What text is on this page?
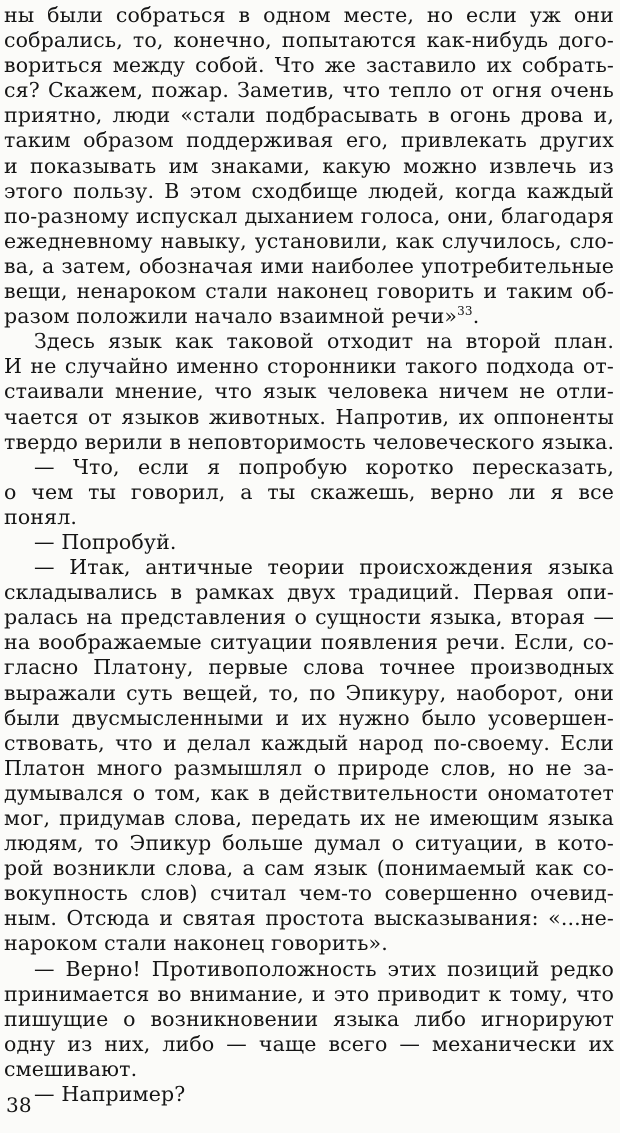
ны были собраться в одном месте, но если уж они
собрались, то, конечно, попытаются как-нибудь дого-
вориться между собой. Что же заставило их собрать-
ся? Скажем, пожар. Заметив, что тепло от огня очень
приятно, люди «стали подбрасывать в огонь дрова и,
таким образом поддерживая его, привлекать других
и показывать им знаками, какую можно извлечь из
этого пользу. В этом сходбище людей, когда каждый
по-разному испускал дыханием голоса, они, благодаря
ежедневному навыку, установили, как случилось, сло-
ва, а затем, обозначая ими наиболее употребительные
вещи, ненароком стали наконец говорить и таким об-
разом положили начало взаимной речи»$^{33}$.
Здесь язык как таковой отходит на второй план.
И не случайно именно сторонники такого подхода от-
стаивали мнение, что язык человека ничем не отли-
чается от языков животных. Напротив, их оппоненты
твердо верили в неповторимость человеческого языка.
— Что, если я попробую коротко пересказать,
о чем ты говорил, а ты скажешь, верно ли я все
понял.
— Попробуй.
— Итак, античные теории происхождения языка
складывались в рамках двух традиций. Первая опи-
ралась на представления о сущности языка, вторая —
на воображаемые ситуации появления речи. Если, со-
гласно Платону, первые слова точнее производных
выражали суть вещей, то, по Эпикуру, наоборот, они
были двусмысленными и их нужно было усовершен-
ствовать, что и делал каждый народ по-своему. Если
Платон много размышлял о природе слов, но не за-
думывался о том, как в действительности ономатотет
мог, придумав слова, передать их не имеющим языка
людям, то Эпикур больше думал о ситуации, в кото-
рой возникли слова, а сам язык (понимаемый как со-
вокупность слов) считал чем-то совершенно очевид-
ным. Отсюда и святая простота высказывания: «...не-
нароком стали наконец говорить».
— Верно! Противоположность этих позиций редко
принимается во внимание, и это приводит к тому, что
пишущие о возникновении языка либо игнорируют
одну из них, либо — чаще всего — механически их
смешивают.
— Например?
38
